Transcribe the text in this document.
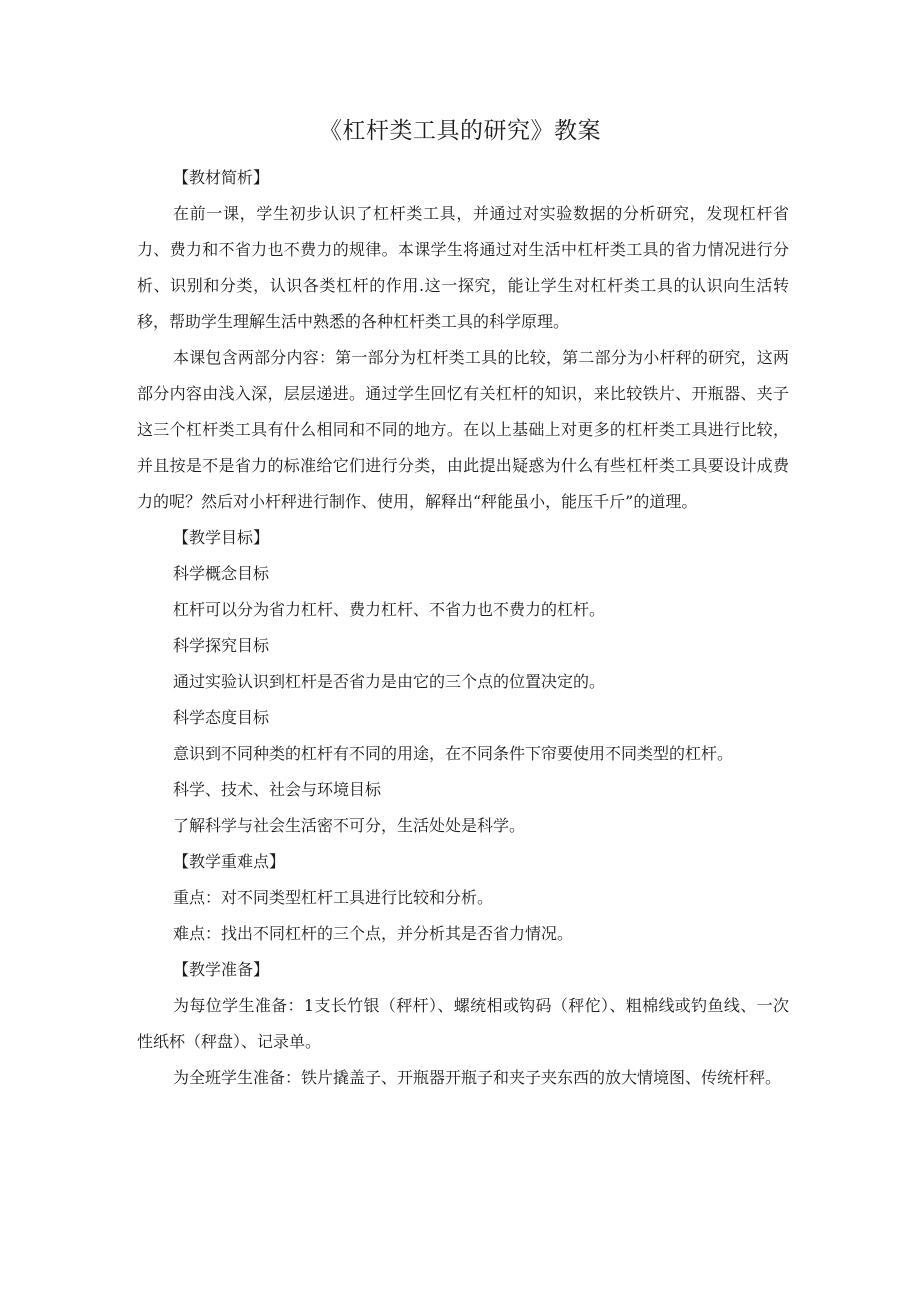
《杠杆类工具的研究》教案

【教材简析】

在前一课，学生初步认识了杠杆类工具，并通过对实验数据的分析研究，发现杠杆省力、费力和不省力也不费力的规律。本课学生将通过对生活中杠杆类工具的省力情况进行分析、识别和分类，认识各类杠杆的作用.这一探究，能让学生对杠杆类工具的认识向生活转移，帮助学生理解生活中熟悉的各种杠杆类工具的科学原理。

本课包含两部分内容：第一部分为杠杆类工具的比较，第二部分为小杆秤的研究，这两部分内容由浅入深，层层递进。通过学生回忆有关杠杆的知识，来比较铁片、开瓶器、夹子这三个杠杆类工具有什么相同和不同的地方。在以上基础上对更多的杠杆类工具进行比较，并且按是不是省力的标准给它们进行分类，由此提出疑惑为什么有些杠杆类工具要设计成费力的呢？然后对小杆秤进行制作、使用，解释出“秤能虽小，能压千斤”的道理。

【教学目标】

科学概念目标

杠杆可以分为省力杠杆、费力杠杆、不省力也不费力的杠杆。

科学探究目标

通过实验认识到杠杆是否省力是由它的三个点的位置决定的。

科学态度目标

意识到不同种类的杠杆有不同的用途，在不同条件下帘要使用不同类型的杠杆。

科学、技术、社会与环境目标

了解科学与社会生活密不可分，生活处处是科学。

【教学重难点】

重点：对不同类型杠杆工具进行比较和分析。

难点：找出不同杠杆的三个点，并分析其是否省力情况。

【教学准备】

为每位学生准备：1支长竹银（秤杆）、螺统相或钩码（秤佗）、粗棉线或钓鱼线、一次性纸杯（秤盘）、记录单。

为全班学生准备：铁片撬盖子、开瓶器开瓶子和夹子夹东西的放大情境图、传统杆秤。
